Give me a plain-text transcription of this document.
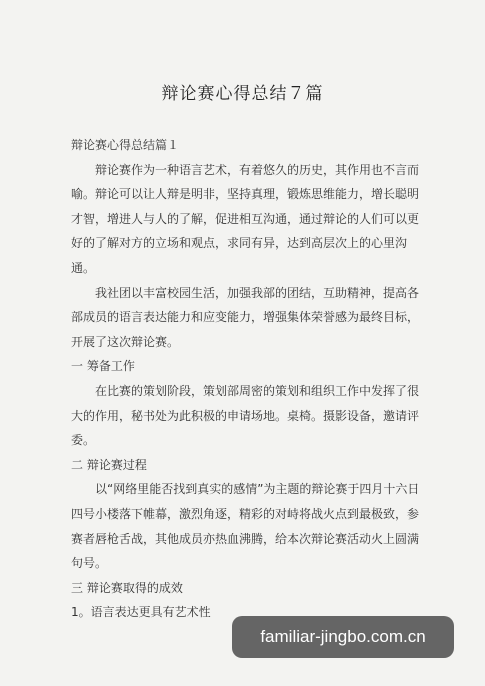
辩论赛心得总结７篇

辩论赛心得总结篇１

辩论赛作为一种语言艺术，有着悠久的历史，其作用也不言而喻。辩论可以让人辩是明非，坚持真理，锻炼思维能力，增长聪明才智，增进人与人的了解，促进相互沟通，通过辩论的人们可以更好的了解对方的立场和观点，求同有异，达到高层次上的心里沟通。

我社团以丰富校园生活，加强我部的团结，互助精神，提高各部成员的语言表达能力和应变能力，增强集体荣誉感为最终目标，开展了这次辩论赛。

一 筹备工作

在比赛的策划阶段，策划部周密的策划和组织工作中发挥了很大的作用，秘书处为此积极的申请场地。桌椅。摄影设备，邀请评委。

二 辩论赛过程

以“网络里能否找到真实的感情”为主题的辩论赛于四月十六日四号小楼落下帷幕，激烈角逐，精彩的对峙将战火点到最极致，参赛者唇枪舌战，其他成员亦热血沸腾，给本次辩论赛活动火上圆满句号。

三 辩论赛取得的成效

1。语言表达更具有艺术性

familiar-jingbo.com.cn
